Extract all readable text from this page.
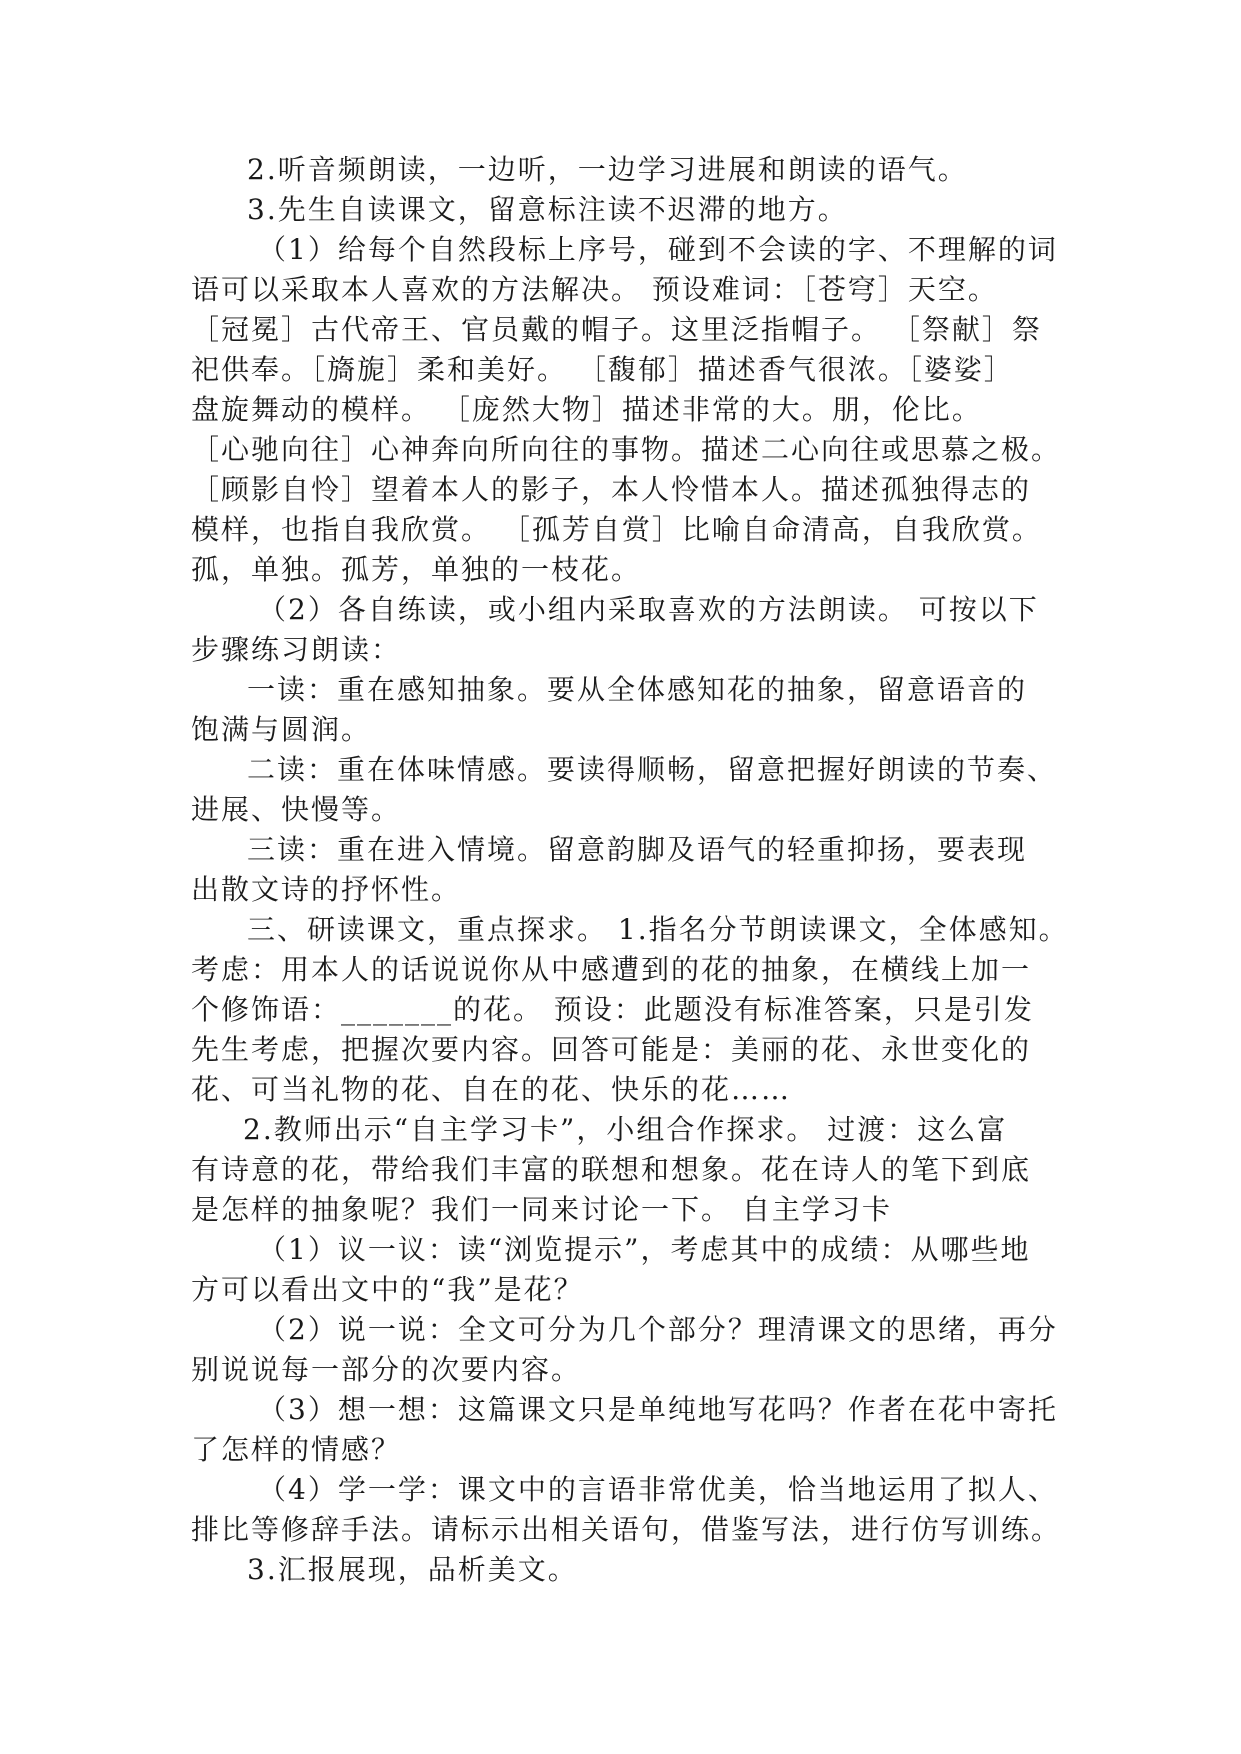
2.听音频朗读，一边听，一边学习进展和朗读的语气。
3.先生自读课文，留意标注读不迟滞的地方。
（1）给每个自然段标上序号，碰到不会读的字、不理解的词
语可以采取本人喜欢的方法解决。 预设难词：［苍穹］天空。
［冠冕］古代帝王、官员戴的帽子。这里泛指帽子。 ［祭献］祭
祀供奉。［旖旎］柔和美好。 ［馥郁］描述香气很浓。［婆娑］
盘旋舞动的模样。 ［庞然大物］描述非常的大。朋，伦比。
［心驰向往］心神奔向所向往的事物。描述二心向往或思慕之极。
［顾影自怜］望着本人的影子，本人怜惜本人。描述孤独得志的
模样，也指自我欣赏。 ［孤芳自赏］比喻自命清高，自我欣赏。
孤，单独。孤芳，单独的一枝花。
（2）各自练读，或小组内采取喜欢的方法朗读。 可按以下
步骤练习朗读：
一读：重在感知抽象。要从全体感知花的抽象，留意语音的
饱满与圆润。
二读：重在体味情感。要读得顺畅，留意把握好朗读的节奏、
进展、快慢等。
三读：重在进入情境。留意韵脚及语气的轻重抑扬，要表现
出散文诗的抒怀性。
三、研读课文，重点探求。 1.指名分节朗读课文，全体感知。
考虑：用本人的话说说你从中感遭到的花的抽象，在横线上加一
个修饰语：_______的花。 预设：此题没有标准答案，只是引发
先生考虑，把握次要内容。回答可能是：美丽的花、永世变化的
花、可当礼物的花、自在的花、快乐的花……
2.教师出示“自主学习卡”，小组合作探求。 过渡：这么富
有诗意的花，带给我们丰富的联想和想象。花在诗人的笔下到底
是怎样的抽象呢？我们一同来讨论一下。 自主学习卡
（1）议一议：读“浏览提示”，考虑其中的成绩：从哪些地
方可以看出文中的“我”是花？
（2）说一说：全文可分为几个部分？理清课文的思绪，再分
别说说每一部分的次要内容。
（3）想一想：这篇课文只是单纯地写花吗？作者在花中寄托
了怎样的情感？
（4）学一学：课文中的言语非常优美，恰当地运用了拟人、
排比等修辞手法。请标示出相关语句，借鉴写法，进行仿写训练。
3.汇报展现，品析美文。
